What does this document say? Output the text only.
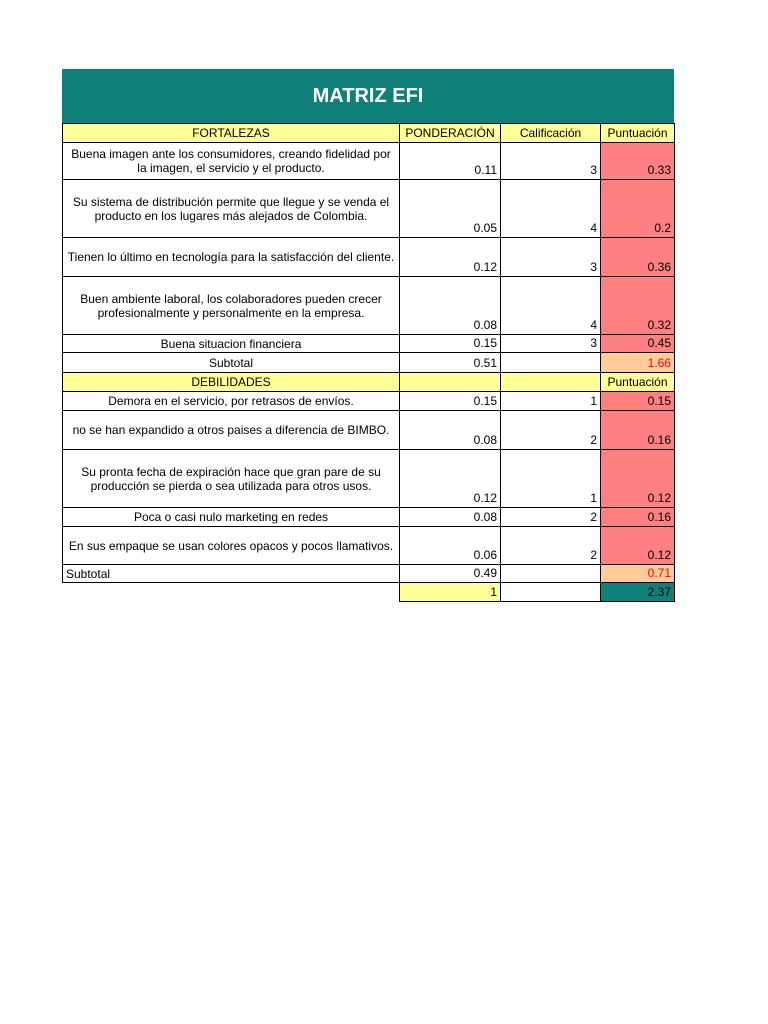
MATRIZ EFI
FORTALEZAS	PONDERACIÓN	Calificación	Puntuación
Buena imagen ante los consumidores, creando fidelidad por la imagen, el servicio y el producto.	0.11	3	0.33
Su sistema de distribución permite que llegue y se venda el producto en los lugares más alejados de Colombia.	0.05	4	0.2
Tienen lo último en tecnología para la satisfacción del cliente.	0.12	3	0.36
Buen ambiente laboral, los colaboradores pueden crecer profesionalmente y personalmente en la empresa.	0.08	4	0.32
Buena situacion financiera	0.15	3	0.45
Subtotal	0.51		1.66
DEBILIDADES			Puntuación
Demora en el servicio, por retrasos de envíos.	0.15	1	0.15
no se han expandido a otros paises a diferencia de BIMBO.	0.08	2	0.16
Su pronta fecha de expiración hace que gran pare de su producción se pierda o sea utilizada para otros usos.	0.12	1	0.12
Poca o casi nulo marketing en redes	0.08	2	0.16
En sus empaque se usan colores opacos y pocos llamativos.	0.06	2	0.12
Subtotal	0.49		0.71
	1		2.37
